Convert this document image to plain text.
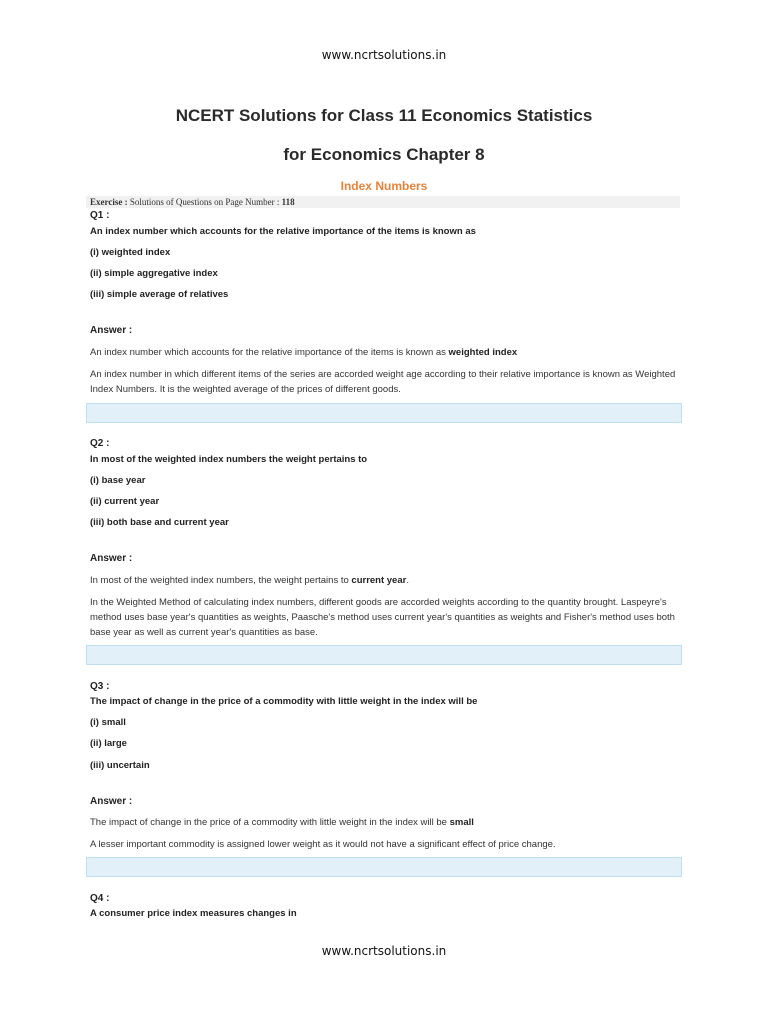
www.ncrtsolutions.in
NCERT Solutions for Class 11 Economics Statistics
for Economics Chapter 8
Index Numbers
Exercise : Solutions of Questions on Page Number : 118
Q1 :
An index number which accounts for the relative importance of the items is known as
(i) weighted index
(ii) simple aggregative index
(iii) simple average of relatives
Answer :
An index number which accounts for the relative importance of the items is known as weighted index
An index number in which different items of the series are accorded weight age according to their relative importance is known as Weighted Index Numbers. It is the weighted average of the prices of different goods.
Q2 :
In most of the weighted index numbers the weight pertains to
(i) base year
(ii) current year
(iii) both base and current year
Answer :
In most of the weighted index numbers, the weight pertains to current year.
In the Weighted Method of calculating index numbers, different goods are accorded weights according to the quantity brought. Laspeyre's method uses base year's quantities as weights, Paasche's method uses current year's quantities as weights and Fisher's method uses both base year as well as current year's quantities as base.
Q3 :
The impact of change in the price of a commodity with little weight in the index will be
(i) small
(ii) large
(iii) uncertain
Answer :
The impact of change in the price of a commodity with little weight in the index will be small
A lesser important commodity is assigned lower weight as it would not have a significant effect of price change.
Q4 :
A consumer price index measures changes in
www.ncrtsolutions.in
